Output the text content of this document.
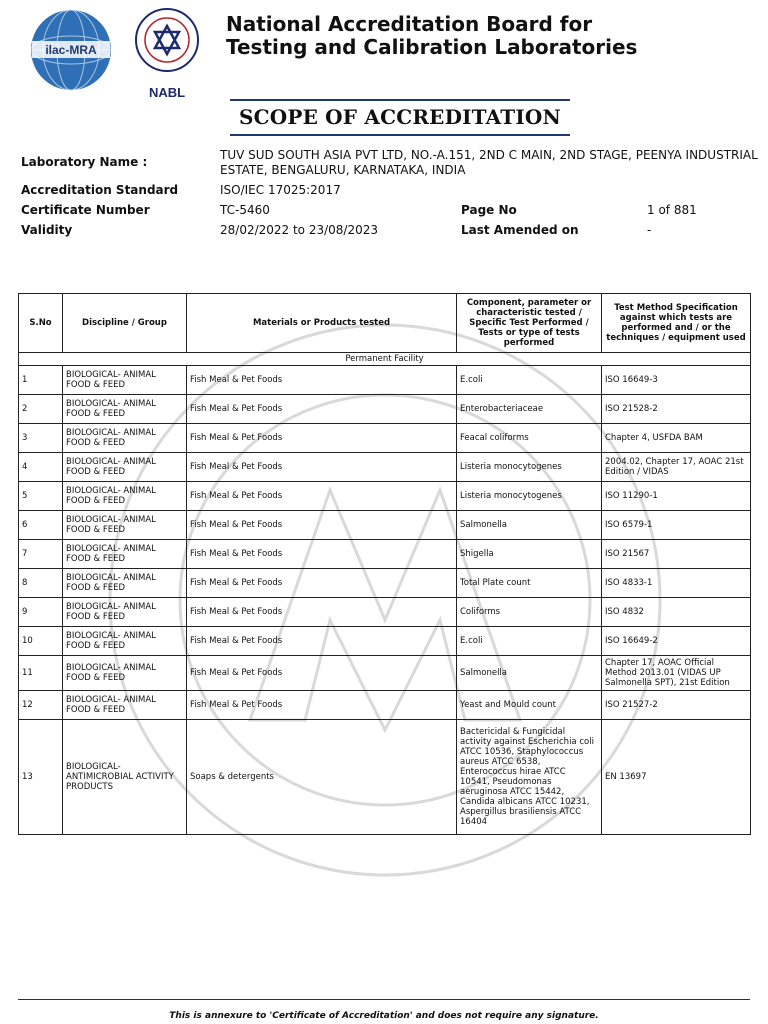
ilac-MRA
NABL
National Accreditation Board for
Testing and Calibration Laboratories
SCOPE OF ACCREDITATION
Laboratory Name :	TUV SUD SOUTH ASIA PVT LTD, NO.-A.151, 2ND C MAIN, 2ND STAGE, PEENYA INDUSTRIAL
ESTATE, BENGALURU, KARNATAKA, INDIA
Accreditation Standard	ISO/IEC 17025:2017
Certificate Number	TC-5460	Page No	1 of 881
Validity	28/02/2022 to 23/08/2023	Last Amended on	-
S.No	Discipline / Group	Materials or Products tested	Component, parameter or characteristic tested / Specific Test Performed / Tests or type of tests performed	Test Method Specification against which tests are performed and / or the techniques / equipment used
Permanent Facility				
1	BIOLOGICAL- ANIMAL FOOD & FEED	Fish Meal & Pet Foods	E.coli	ISO 16649-3
2	BIOLOGICAL- ANIMAL FOOD & FEED	Fish Meal & Pet Foods	Enterobacteriaceae	ISO 21528-2
3	BIOLOGICAL- ANIMAL FOOD & FEED	Fish Meal & Pet Foods	Feacal coliforms	Chapter 4, USFDA BAM
4	BIOLOGICAL- ANIMAL FOOD & FEED	Fish Meal & Pet Foods	Listeria monocytogenes	2004.02, Chapter 17, AOAC 21st Edition / VIDAS
5	BIOLOGICAL- ANIMAL FOOD & FEED	Fish Meal & Pet Foods	Listeria monocytogenes	ISO 11290-1
6	BIOLOGICAL- ANIMAL FOOD & FEED	Fish Meal & Pet Foods	Salmonella	ISO 6579-1
7	BIOLOGICAL- ANIMAL FOOD & FEED	Fish Meal & Pet Foods	Shigella	ISO 21567
8	BIOLOGICAL- ANIMAL FOOD & FEED	Fish Meal & Pet Foods	Total Plate count	ISO 4833-1
9	BIOLOGICAL- ANIMAL FOOD & FEED	Fish Meal & Pet Foods	Coliforms	ISO 4832
10	BIOLOGICAL- ANIMAL FOOD & FEED	Fish Meal & Pet Foods	E.coli	ISO 16649-2
11	BIOLOGICAL- ANIMAL FOOD & FEED	Fish Meal & Pet Foods	Salmonella	Chapter 17, AOAC Official Method 2013.01 (VIDAS UP Salmonella SPT), 21st Edition
12	BIOLOGICAL- ANIMAL FOOD & FEED	Fish Meal & Pet Foods	Yeast and Mould count	ISO 21527-2
13	BIOLOGICAL- ANTIMICROBIAL ACTIVITY PRODUCTS	Soaps & detergents	Bactericidal & Fungicidal activity against Escherichia coli ATCC 10536, Staphylococcus aureus ATCC 6538, Enterococcus hirae ATCC 10541, Pseudomonas aeruginosa ATCC 15442, Candida albicans ATCC 10231, Aspergillus brasiliensis ATCC 16404	EN 13697
This is annexure to 'Certificate of Accreditation' and does not require any signature.
